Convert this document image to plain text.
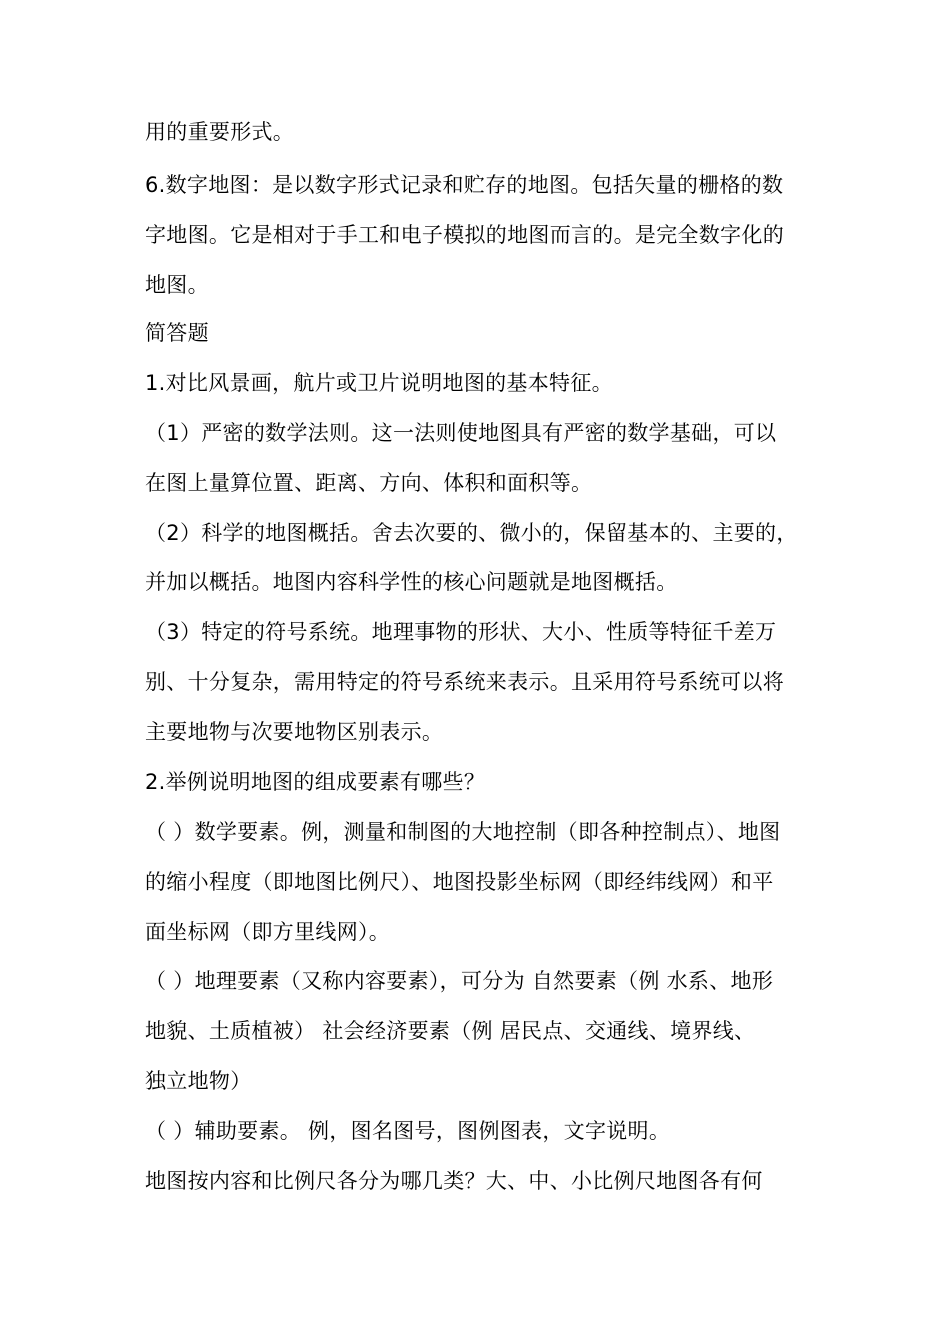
用的重要形式。
6.数字地图：是以数字形式记录和贮存的地图。包括矢量的栅格的数
字地图。它是相对于手工和电子模拟的地图而言的。是完全数字化的
地图。
简答题
1.对比风景画，航片或卫片说明地图的基本特征。
（1）严密的数学法则。这一法则使地图具有严密的数学基础，可以
在图上量算位置、距离、方向、体积和面积等。
（2）科学的地图概括。舍去次要的、微小的，保留基本的、主要的，
并加以概括。地图内容科学性的核心问题就是地图概括。
（3）特定的符号系统。地理事物的形状、大小、性质等特征千差万
别、十分复杂，需用特定的符号系统来表示。且采用符号系统可以将
主要地物与次要地物区别表示。
2.举例说明地图的组成要素有哪些？
（ ）数学要素。例，测量和制图的大地控制（即各种控制点）、地图
的缩小程度（即地图比例尺）、地图投影坐标网（即经纬线网）和平
面坐标网（即方里线网）。
（ ）地理要素（又称内容要素），可分为 自然要素（例 水系、地形
地貌、土质植被） 社会经济要素（例 居民点、交通线、境界线、
独立地物）
（ ）辅助要素。 例，图名图号，图例图表，文字说明。
地图按内容和比例尺各分为哪几类？大、中、小比例尺地图各有何
